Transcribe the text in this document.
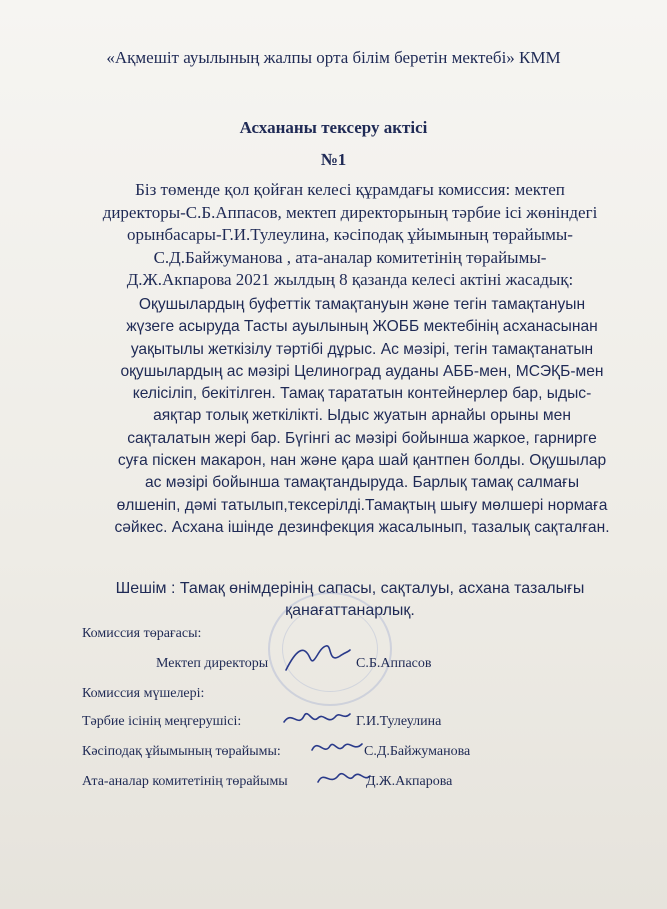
«Ақмешіт ауылының жалпы орта білім беретін мектебі» КММ
Асхананы тексеру актісі
№1
Біз төменде қол қойған келесі құрамдағы комиссия: мектеп
директоры-С.Б.Аппасов, мектеп директорының тәрбие ісі жөніндегі
орынбасары-Г.И.Тулеулина, кәсіподақ ұйымының төрайымы-
С.Д.Байжуманова , ата-аналар комитетінің төрайымы-
Д.Ж.Акпарова 2021 жылдың 8 қазанда келесі актіні жасадық:
Оқушылардың буфеттік тамақтануын және тегін тамақтануын
жүзеге асыруда Тасты ауылының ЖОББ мектебінің асханасынан
уақытылы жеткізілу тәртібі дұрыс. Ас мәзірі, тегін тамақтанатын
оқушылардың ас мәзірі Целиноград ауданы АББ-мен, МСЭҚБ-мен
келісіліп, бекітілген. Тамақ тарататын контейнерлер бар, ыдыс-
аяқтар толық жеткілікті. Ыдыс жуатын арнайы орыны мен
сақталатын жері бар. Бүгінгі ас мәзірі бойынша жаркое, гарнирге
суға піскен макарон, нан және қара шай қантпен болды. Оқушылар
ас мәзірі бойынша тамақтандыруда. Барлық тамақ салмағы
өлшеніп, дәмі татылып,тексерілді.Тамақтың шығу мөлшері нормаға
сәйкес. Асхана ішінде дезинфекция жасалынып, тазалық сақталған.
Шешім : Тамақ өнімдерінің сапасы, сақталуы, асхана тазалығы
қанағаттанарлық.
Комиссия төрағасы:
Мектеп директоры	С.Б.Аппасов
Комиссия мүшелері:
Тәрбие ісінің меңгерушісі:	Г.И.Тулеулина
Кәсіподақ ұйымының төрайымы:	С.Д.Байжуманова
Ата-аналар комитетінің төрайымы	Д.Ж.Акпарова
